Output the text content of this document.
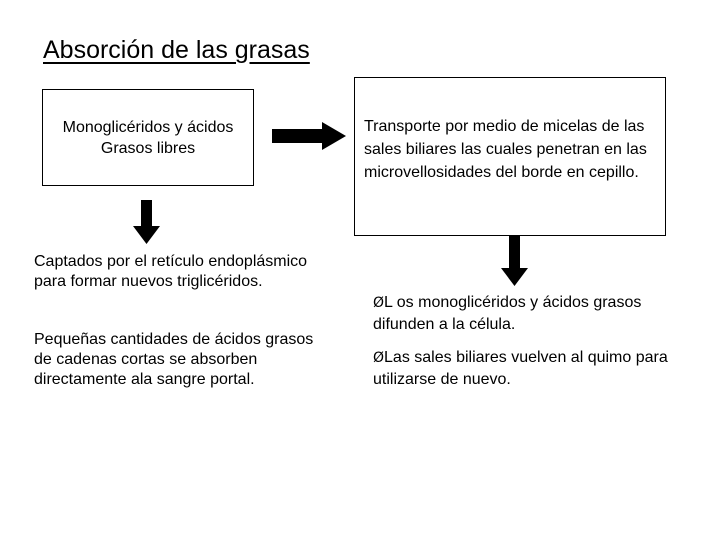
Absorción de las grasas
Monoglicéridos y ácidos
Grasos libres
Transporte por medio de micelas de las sales biliares las cuales penetran en las microvellosidades del borde en cepillo.
Captados por el retículo endoplásmico para formar nuevos triglicéridos.
Pequeñas cantidades de ácidos grasos de cadenas cortas se absorben directamente ala sangre portal.
ØL os monoglicéridos y ácidos grasos difunden a la célula.
ØLas sales biliares vuelven al quimo para utilizarse de nuevo.
